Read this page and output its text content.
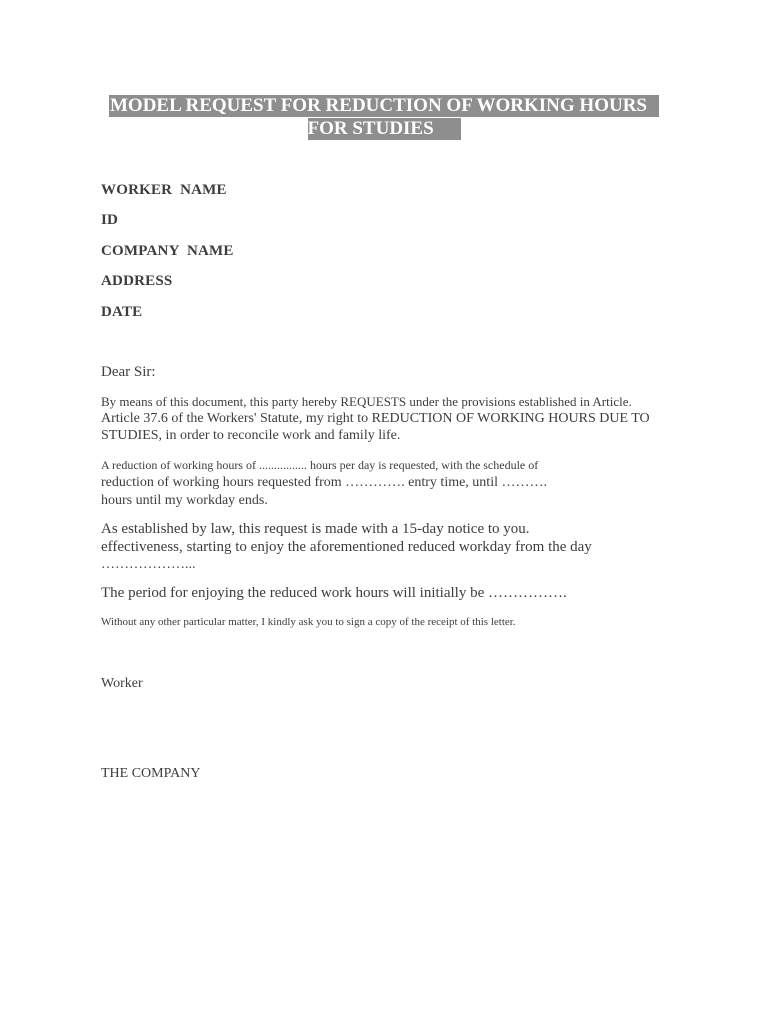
MODEL REQUEST FOR REDUCTION OF WORKING HOURS
FOR STUDIES
WORKER  NAME
ID
COMPANY  NAME
ADDRESS
DATE
Dear Sir:
By means of this document, this party hereby REQUESTS under the provisions established in Article.
Article 37.6 of the Workers' Statute, my right to REDUCTION OF WORKING HOURS DUE TO
STUDIES, in order to reconcile work and family life.
A reduction of working hours of ................ hours per day is requested, with the schedule of
reduction of working hours requested from …………. entry time, until ……….
hours until my workday ends.
As established by law, this request is made with a 15-day notice to you.
effectiveness, starting to enjoy the aforementioned reduced workday from the day
………………...
The period for enjoying the reduced work hours will initially be …………….
Without any other particular matter, I kindly ask you to sign a copy of the receipt of this letter.
Worker
THE COMPANY
